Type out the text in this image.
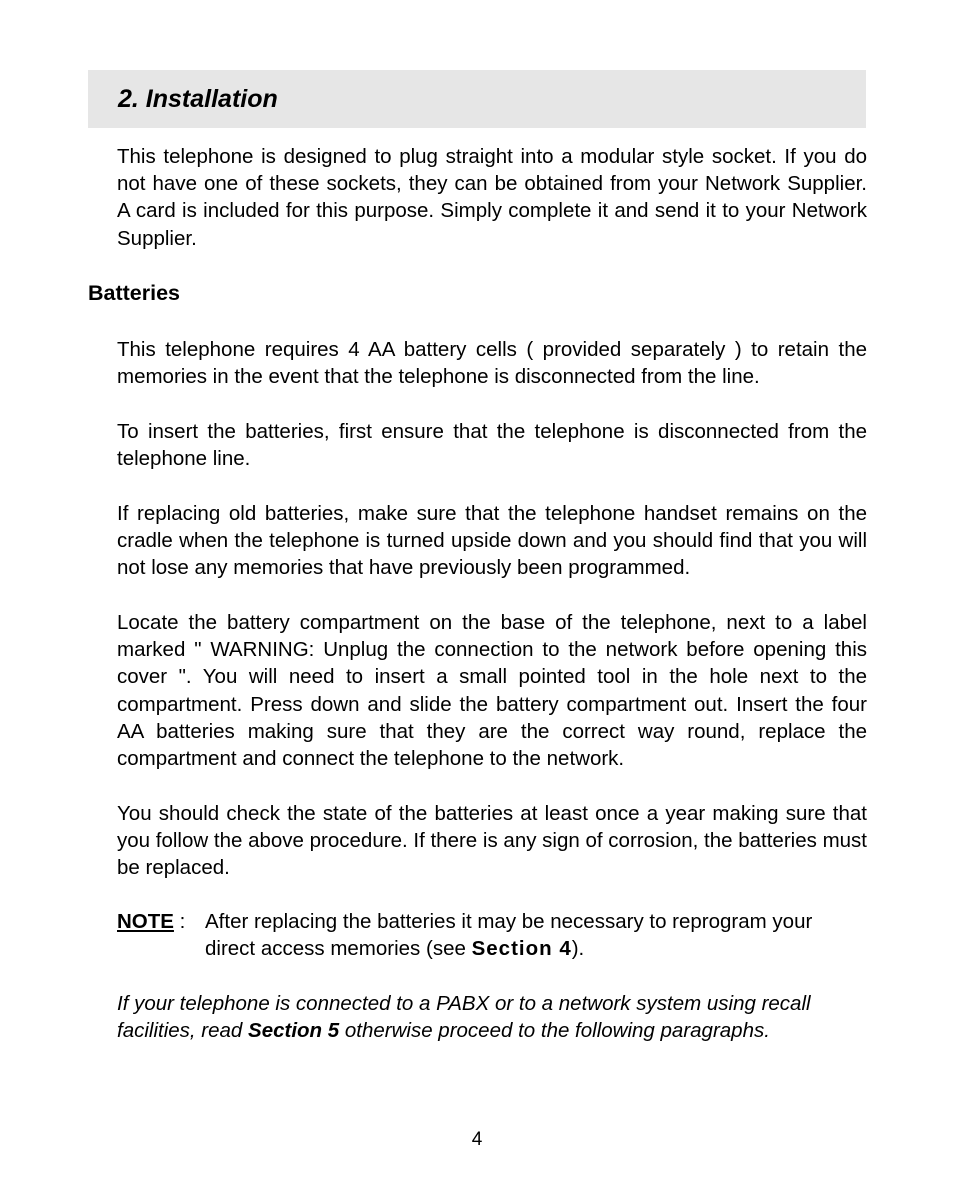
2. Installation

This telephone is designed to plug straight into a modular style socket. If you do not have one of these sockets, they can be obtained from your Network Supplier. A card is included for this purpose. Simply complete it and send it to your Network Supplier.

Batteries

This telephone requires 4 AA battery cells ( provided separately ) to retain the memories in the event that the telephone is disconnected from the line.

To insert the batteries, first ensure that the telephone is disconnected from the telephone line.

If replacing old batteries, make sure that the telephone handset remains on the cradle when the telephone is turned upside down and you should find that you will not lose any memories that have previously been programmed.

Locate the battery compartment on the base of the telephone, next to a label marked " WARNING: Unplug the connection to the network before opening this cover ". You will need to insert a small pointed tool in the hole next to the compartment. Press down and slide the battery compartment out. Insert the four AA batteries making sure that they are the correct way round, replace the compartment and connect the telephone to the network.

You should check the state of the batteries at least once a year making sure that you follow the above procedure. If there is any sign of corrosion, the batteries must be replaced.

NOTE : After replacing the batteries it may be necessary to reprogram your direct access memories (see Section 4).

If your telephone is connected to a PABX or to a network system using recall facilities, read Section 5 otherwise proceed to the following paragraphs.

4
